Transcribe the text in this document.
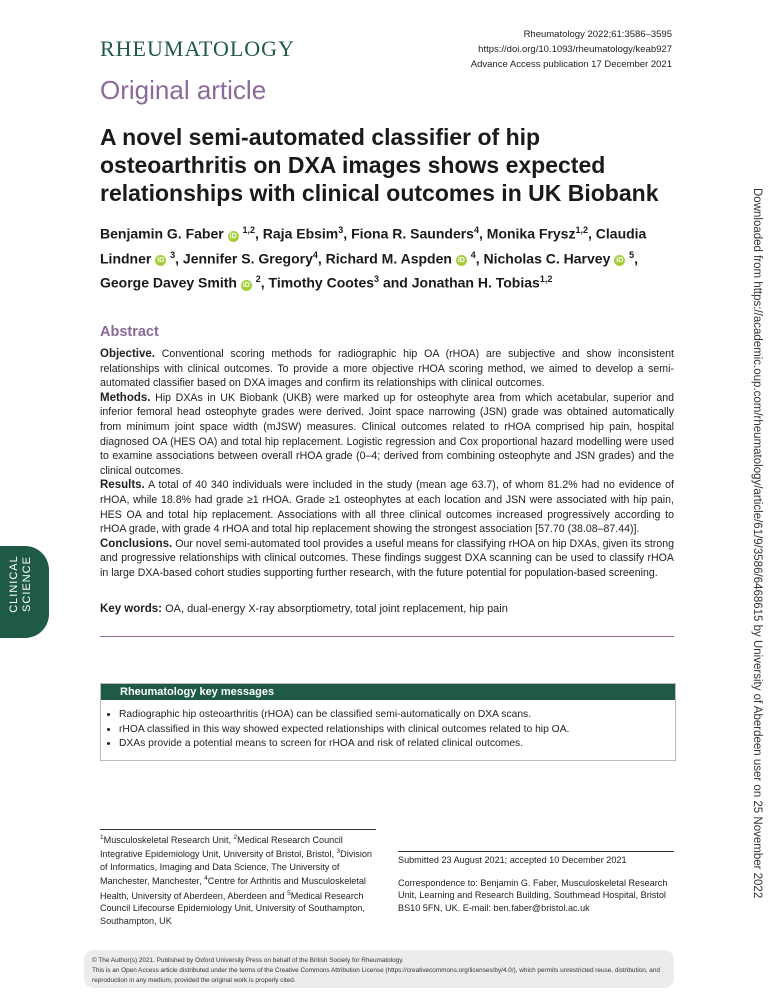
RHEUMATOLOGY
Rheumatology 2022;61:3586–3595
https://doi.org/10.1093/rheumatology/keab927
Advance Access publication 17 December 2021
Original article
A novel semi-automated classifier of hip osteoarthritis on DXA images shows expected relationships with clinical outcomes in UK Biobank
Benjamin G. Faber iD $^{1,2}$, Raja Ebsim$^3$, Fiona R. Saunders$^4$, Monika Frysz$^{1,2}$, Claudia Lindner iD $^3$, Jennifer S. Gregory$^4$, Richard M. Aspden iD $^4$, Nicholas C. Harvey iD $^5$, George Davey Smith iD $^2$, Timothy Cootes$^3$ and Jonathan H. Tobias$^{1,2}$
Abstract

Objective. Conventional scoring methods for radiographic hip OA (rHOA) are subjective and show inconsistent relationships with clinical outcomes. To provide a more objective rHOA scoring method, we aimed to develop a semi-automated classifier based on DXA images and confirm its relationships with clinical outcomes.

Methods. Hip DXAs in UK Biobank (UKB) were marked up for osteophyte area from which acetabular, superior and inferior femoral head osteophyte grades were derived. Joint space narrowing (JSN) grade was obtained automatically from minimum joint space width (mJSW) measures. Clinical outcomes related to rHOA comprised hip pain, hospital diagnosed OA (HES OA) and total hip replacement. Logistic regression and Cox proportional hazard modelling were used to examine associations between overall rHOA grade (0–4; derived from combining osteophyte and JSN grades) and the clinical outcomes.

Results. A total of 40 340 individuals were included in the study (mean age 63.7), of whom 81.2% had no evidence of rHOA, while 18.8% had grade ≥1 rHOA. Grade ≥1 osteophytes at each location and JSN were associated with hip pain, HES OA and total hip replacement. Associations with all three clinical outcomes increased progressively according to rHOA grade, with grade 4 rHOA and total hip replacement showing the strongest association [57.70 (38.08–87.44)].

Conclusions. Our novel semi-automated tool provides a useful means for classifying rHOA on hip DXAs, given its strong and progressive relationships with clinical outcomes. These findings suggest DXA scanning can be used to classify rHOA in large DXA-based cohort studies supporting further research, with the future potential for population-based screening.

Key words: OA, dual-energy X-ray absorptiometry, total joint replacement, hip pain
Rheumatology key messages
• Radiographic hip osteoarthritis (rHOA) can be classified semi-automatically on DXA scans.
• rHOA classified in this way showed expected relationships with clinical outcomes related to hip OA.
• DXAs provide a potential means to screen for rHOA and risk of related clinical outcomes.
CLINICAL SCIENCE	Downloaded from https://academic.oup.com/rheumatology/article/61/9/3586/6468615 by University of Aberdeen user on 25 November 2022
$^1$Musculoskeletal Research Unit, $^2$Medical Research Council Integrative Epidemiology Unit, University of Bristol, Bristol, $^3$Division of Informatics, Imaging and Data Science, The University of Manchester, Manchester, $^4$Centre for Arthritis and Musculoskeletal Health, University of Aberdeen, Aberdeen and $^5$Medical Research Council Lifecourse Epidemiology Unit, University of Southampton, Southampton, UK
Submitted 23 August 2021; accepted 10 December 2021
Correspondence to: Benjamin G. Faber, Musculoskeletal Research Unit, Learning and Research Building, Southmead Hospital, Bristol BS10 5FN, UK. E-mail: ben.faber@bristol.ac.uk
© The Author(s) 2021. Published by Oxford University Press on behalf of the British Society for Rheumatology.
This is an Open Access article distributed under the terms of the Creative Commons Attribution License (https://creativecommons.org/licenses/by/4.0/), which permits unrestricted reuse, distribution, and reproduction in any medium, provided the original work is properly cited.
